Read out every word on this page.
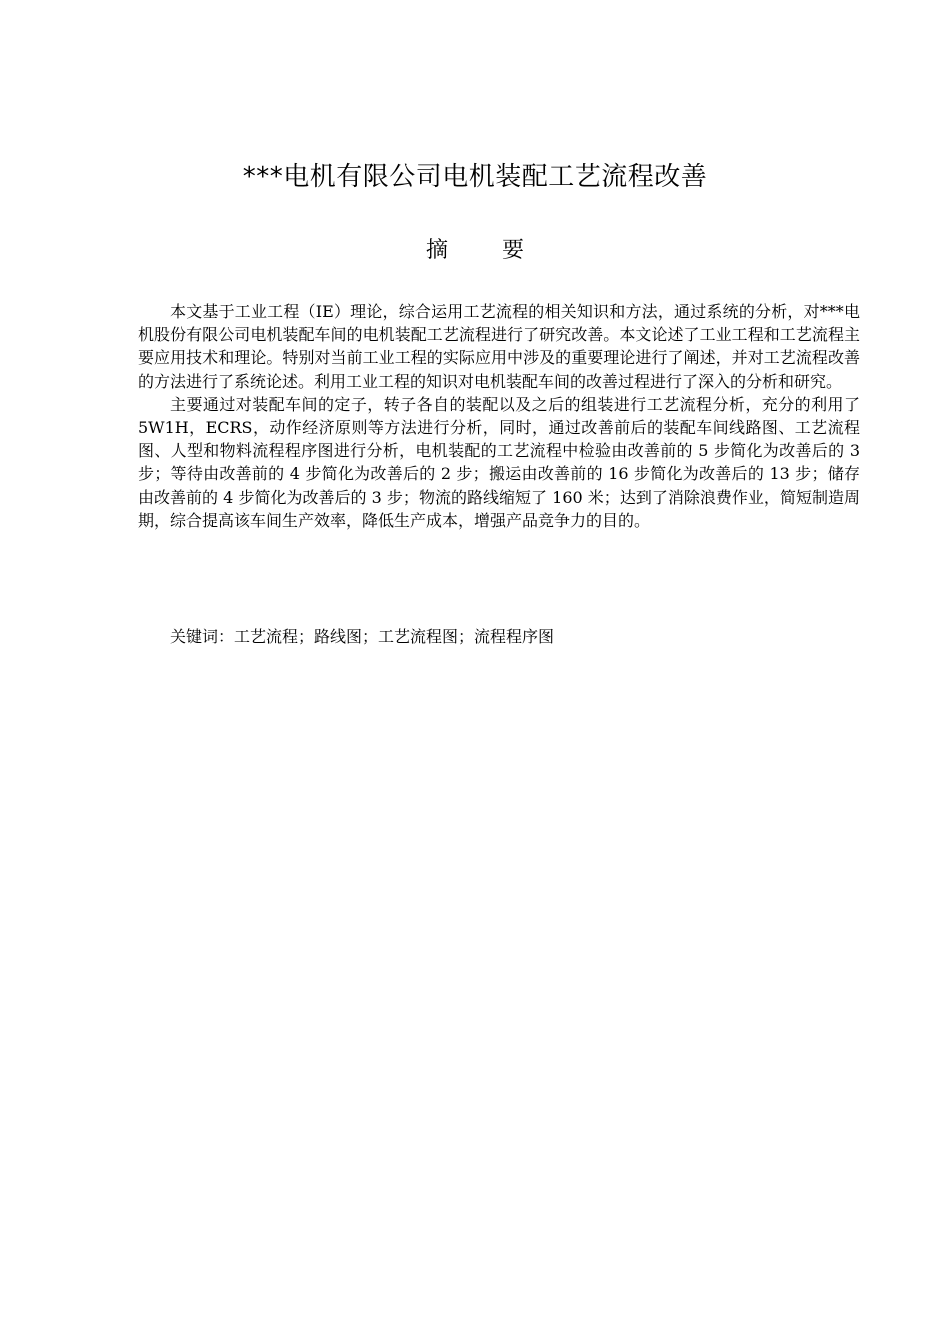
***电机有限公司电机装配工艺流程改善
摘 要

本文基于工业工程（IE）理论，综合运用工艺流程的相关知识和方法，通过系统的分析，对***电机股份有限公司电机装配车间的电机装配工艺流程进行了研究改善。本文论述了工业工程和工艺流程主要应用技术和理论。特别对当前工业工程的实际应用中涉及的重要理论进行了阐述，并对工艺流程改善的方法进行了系统论述。利用工业工程的知识对电机装配车间的改善过程进行了深入的分析和研究。

主要通过对装配车间的定子，转子各自的装配以及之后的组装进行工艺流程分析，充分的利用了 5W1H，ECRS，动作经济原则等方法进行分析，同时，通过改善前后的装配车间线路图、工艺流程图、人型和物料流程程序图进行分析，电机装配的工艺流程中检验由改善前的 5 步简化为改善后的 3 步；等待由改善前的 4 步简化为改善后的 2 步；搬运由改善前的 16 步简化为改善后的 13 步；储存由改善前的 4 步简化为改善后的 3 步；物流的路线缩短了 160 米；达到了消除浪费作业，简短制造周期，综合提高该车间生产效率，降低生产成本，增强产品竞争力的目的。

关键词：工艺流程；路线图；工艺流程图；流程程序图
